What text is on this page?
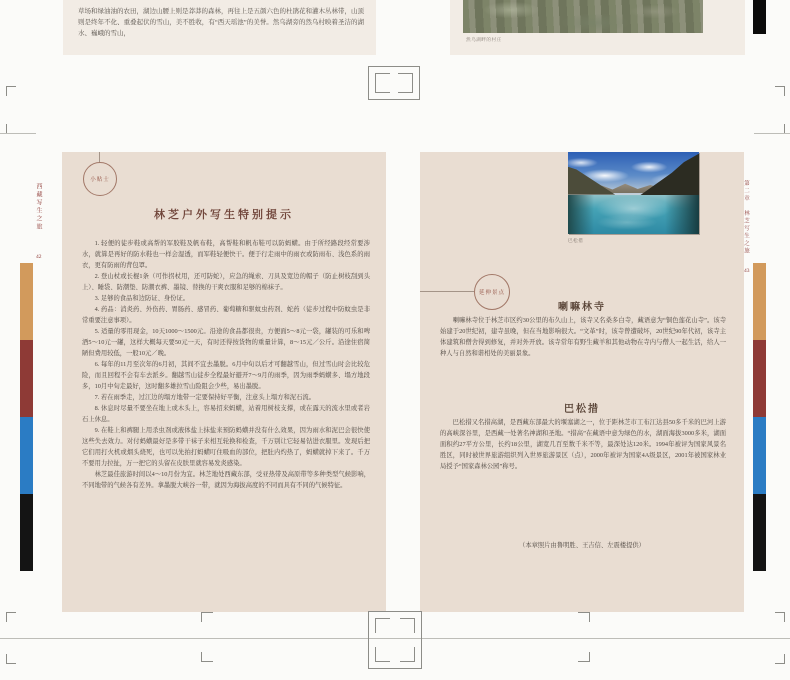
草场和绿油油的农田，湖边山腰上则是莽莽的森林，再往上是五颜六色的杜鹃花和灌木丛林带，山顶则是终年不化、重叠起伏的雪山，美不胜收，有“西天瑶池”的美誉。然乌湖旁的然乌村映着圣洁的湖水、巍峨的雪山，
然乌湖畔的村庄
西藏写生之旅
42
小贴士
林芝户外写生特别提示

1. 轻便的徒步鞋或高帮的军胶鞋及帆布鞋，高帮鞋和帆布鞋可以防蚂蟥。由于所经路段经常要涉水，就算是再好的防水鞋也一样会湿透，而军鞋轻便快干。便于行走雨中的雨衣或防雨布、浅色系的雨衣，更有防雨的背包罩。

2. 登山杖或长棍1条（可作拐杖用，还可防蛇），应急的绳索、刀具及宽边的帽子（防止树枝刮到头上）、睡袋、防潮垫、防潮衣裤、墨镜、替换的干爽衣服和足够的棉袜子。

3. 足够的食品和边防证、身份证。

4. 药品：消炎药、外伤药、胃肠药、感冒药、葡萄糖和驱蚊虫药剂、蛇药（徒步过程中防蚊虫是非常重要注意事项）。

5. 适量的零用现金，10天1000～1500元。沿途的食品都很贵，方便面5～8元一袋，罐装的可乐和啤酒5～10元一罐，这样大概每天要50元一天，有时还得按货物的重量计算，8～15元／公斤。沿途住宿简陋但费用较低，一般10元／晚。

6. 每年的11月至次年的6月初，其间不宜去墨脱。6月中旬以后才可翻越雪山，但过雪山时会比较危险，而且回程不会有车去派乡。翻越雪山徒步全程最好避开7～9月的雨季，因为雨季蚂蟥多、塌方地段多，10月中旬走最好，这时翻多雄拉雪山险阻会少些，易出墨脱。

7. 若在雨季走，过江边的塌方地带一定要保持好平衡，注意头上塌方和泥石流。

8. 休息时尽量不要坐在地上或木头上，容易招来蚂蟥，站着用树枝支撑，或在露天的流水里或者岩石上休息。

9. 在鞋上和裤腿上用杀虫剂或液体盐上抹盐来预防蚂蟥并没有什么效果，因为雨水和泥巴会很快使这些失去效力。对付蚂蟥最好是多带干袜子来相互轮换和检查，千万别让它轻易钻进衣服里。发现后把它们用打火机或烟头烧死，也可以先拍打蚂蟥叮住吸血的部位，把肚内灼热了，蚂蟥就掉下来了。千万不要用力拉扯，万一把它的头留在皮肤里就容易发炎感染。

林芝最佳旅游时间以4～10月份为宜。林芝地处西藏东部，受亚热带及高原带等多种类型气候影响，不同地带的气候各有差异。拿墨脱大峡谷一带，就因为海拔高度的不同而具有不同的气候特征。

巴松措
延伸景点
喇嘛林寺

喇嘛林寺位于林芝市区约30公里的布久山上，该寺又名桑多白寺，藏语意为“铜色莲花山寺”。该寺始建于20世纪初，建寺虽晚，但在当地影响很大。“文革”时，该寺曾遭破坏，20世纪90年代初，该寺主体建筑和僧舍得到修复，并对外开放。该寺常年有野生藏羊和其他动物在寺内与僧人一起生活，给人一种人与自然和谐相处的美丽景象。

巴松措

巴松措又名措高湖，是西藏东部最大的堰塞湖之一，位于距林芝市工布江达县50多千米的巴河上游的高峡深谷里，是西藏一处著名神湖和圣地。“措高”在藏语中意为绿色的水，湖面海拔3000多米，湖面面积约27平方公里，长约18公里，湖宽几百至数千米不等，最深处达120米。1994年被评为国家风景名胜区，同时被世界旅游组织列入世界旅游景区（点），2000年被评为国家4A级景区，2001年被国家林业局授予“国家森林公园”称号。

（本章照片由鲁明胜、王吉信、左震楼提供）
第二章
林芝写生之旅
43
